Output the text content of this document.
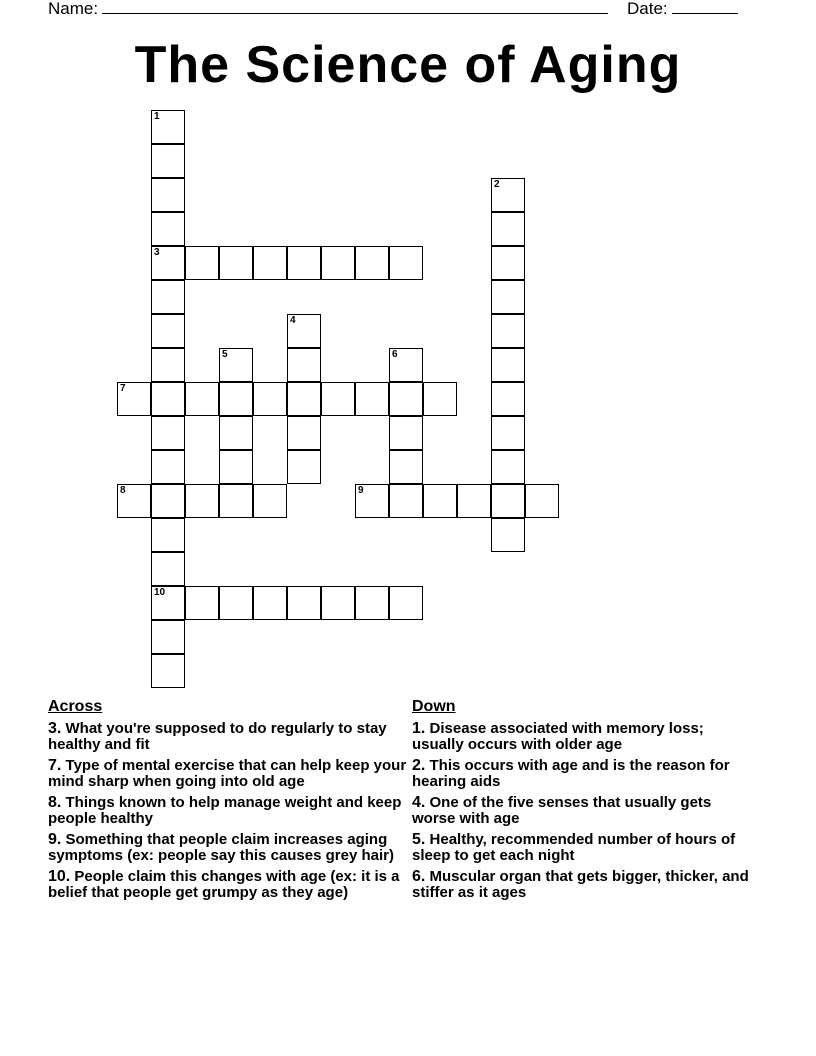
Name:	Date:
The Science of Aging
1
2
3
4
5	6
7
8	9
10
Across
3. What you're supposed to do regularly to stay healthy and fit
7. Type of mental exercise that can help keep your mind sharp when going into old age
8. Things known to help manage weight and keep people healthy
9. Something that people claim increases aging symptoms (ex: people say this causes grey hair)
10. People claim this changes with age (ex: it is a belief that people get grumpy as they age)
Down
1. Disease associated with memory loss; usually occurs with older age
2. This occurs with age and is the reason for hearing aids
4. One of the five senses that usually gets worse with age
5. Healthy, recommended number of hours of sleep to get each night
6. Muscular organ that gets bigger, thicker, and stiffer as it ages
